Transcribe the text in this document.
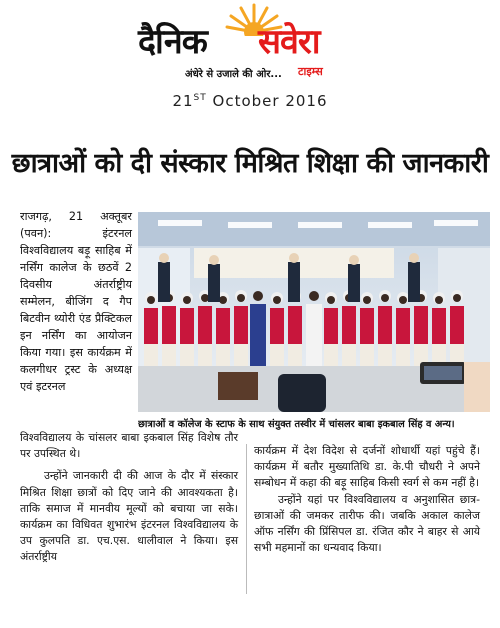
दैनिक सवेरा
अंधेरे से उजाले की ओर... टाइम्स
21ST October 2016
छात्राओं को दी संस्कार मिश्रित शिक्षा की जानकारी
राजगढ़, 21 अक्तूबर (पवन): इंटरनल विश्वविद्यालय बड़ू साहिब में नर्सिंग कालेज के छठवें 2 दिवसीय अंतर्राष्ट्रीय सम्मेलन, बीजिंग द गैप बिटवीन थ्योरी एंड प्रैक्टिकल इन नर्सिंग का आयोजन किया गया। इस कार्यक्रम में कलगीधर ट्रस्ट के अध्यक्ष एवं इटरनल
छात्राओं व कॉलेज के स्टाफ के साथ संयुक्त तस्वीर में चांसलर बाबा इकबाल सिंह व अन्य।

विश्वविद्यालय के चांसलर बाबा इकबाल सिंह विशेष तौर पर उपस्थित थे।

उन्होंने जानकारी दी की आज के दौर में संस्कार मिश्रित शिक्षा छात्रों को दिए जाने की आवश्यकता है। ताकि समाज में मानवीय मूल्यों को बचाया जा सके। कार्यक्रम का विधिवत शुभारंभ इंटरनल विश्वविद्यालय के उप कुलपति डा. एच.एस. धालीवाल ने किया। इस अंतर्राष्ट्रीय

कार्यक्रम में देश विदेश से दर्जनों शोधार्थी यहां पहुंचे हैं। कार्यक्रम में बतौर मुख्यातिथि डा. के.पी चौधरी ने अपने सम्बोधन में कहा की बड़ू साहिब किसी स्वर्ग से कम नहीं है।

उन्होंने यहां पर विश्वविद्यालय व अनुशासित छात्र-छात्राओं की जमकर तारीफ की। जबकि अकाल कालेज ऑफ नर्सिंग की प्रिंसिपल डा. रंजित कौर ने बाहर से आये सभी महमानों का धन्यवाद किया।
